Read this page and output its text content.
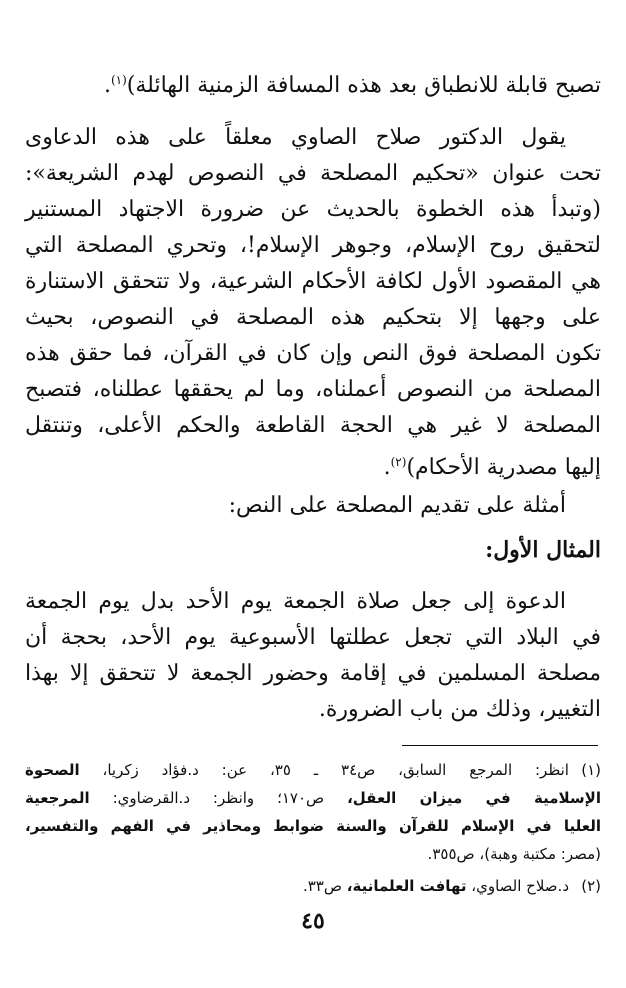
تصبح قابلة للانطباق بعد هذه المسافة الزمنية الهائلة)$^{(١)}$.
يقول الدكتور صلاح الصاوي معلقاً على هذه الدعاوى
تحت عنوان «تحكيم المصلحة في النصوص لهدم الشريعة»:
(وتبدأ هذه الخطوة بالحديث عن ضرورة الاجتهاد المستنير
لتحقيق روح الإسلام، وجوهر الإسلام!، وتحري المصلحة التي
هي المقصود الأول لكافة الأحكام الشرعية، ولا تتحقق الاستنارة
على وجهها إلا بتحكيم هذه المصلحة في النصوص، بحيث
تكون المصلحة فوق النص وإن كان في القرآن، فما حقق هذه
المصلحة من النصوص أعملناه، وما لم يحققها عطلناه، فتصبح
المصلحة لا غير هي الحجة القاطعة والحكم الأعلى، وتنتقل
إليها مصدرية الأحكام)$^{(٢)}$.
أمثلة على تقديم المصلحة على النص:
المثال الأول:
الدعوة إلى جعل صلاة الجمعة يوم الأحد بدل يوم الجمعة
في البلاد التي تجعل عطلتها الأسبوعية يوم الأحد، بحجة أن
مصلحة المسلمين في إقامة وحضور الجمعة لا تتحقق إلا بهذا
التغيير، وذلك من باب الضرورة.
(١)انظر: المرجع السابق، ص٣٤ ـ ٣٥، عن: د.فؤاد زكريا، الصحوة
الإسلامية في ميزان العقل، ص١٧٠؛ وانظر: د.القرضاوي: المرجعية
العليا في الإسلام للقرآن والسنة ضوابط ومحاذير في الفهم والتفسير،
(مصر: مكتبة وهبة)، ص٣٥٥.
(٢)د.صلاح الصاوي، تهافت العلمانية، ص٣٣.
٤٥
